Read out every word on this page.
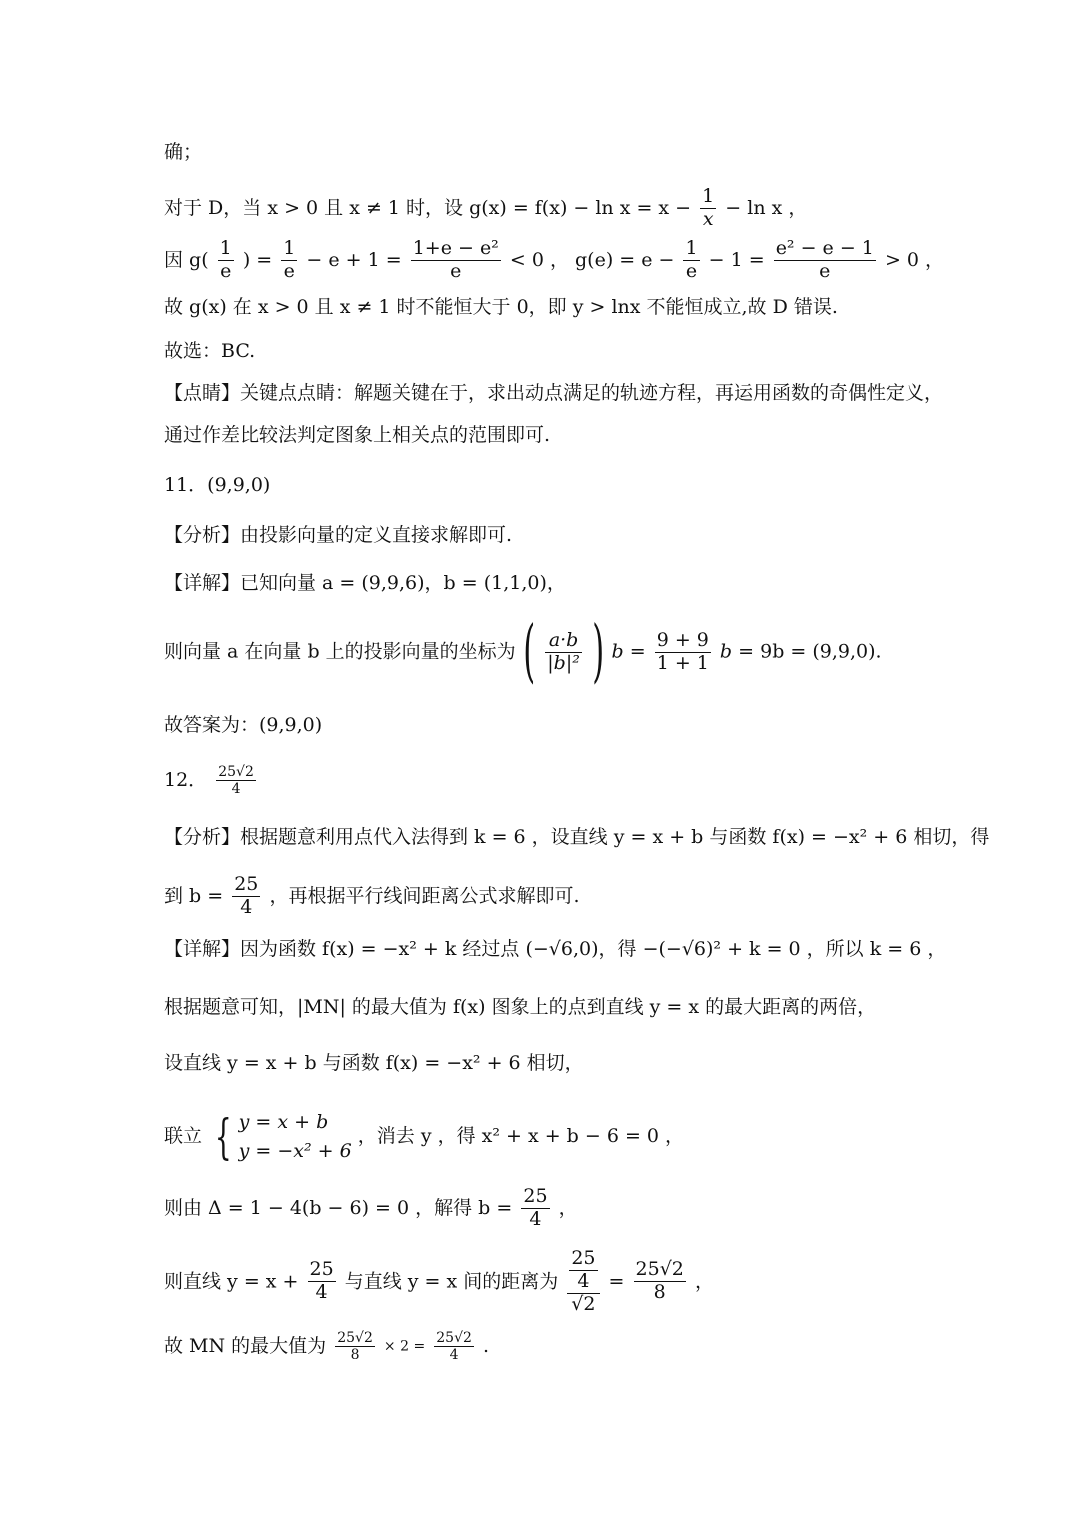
确；
对于 D，当 x > 0 且 x ≠ 1 时，设 $g(x) = f(x) - \ln x = x - \frac{1}{x} - \ln x$ ，
因 $g( \frac{1}{e}$ ) = $\frac{1}{e} - e + 1 = \frac{\text{1+e − e²}}{e} < 0$ ， $g(e) = e - \frac{1}{e} - 1 = \frac{\text{e² − e − 1}}{e} > 0$ ，
故 g(x) 在 x > 0 且 x ≠ 1 时不能恒大于 0，即 y > lnx 不能恒成立,故 D 错误.
故选：BC.
【点睛】关键点点睛：解题关键在于，求出动点满足的轨迹方程，再运用函数的奇偶性定义，
通过作差比较法判定图象上相关点的范围即可.
11．(9,9,0)
【分析】由投影向量的定义直接求解即可.
【详解】已知向量 a = (9,9,6)，b = (1,1,0)，
则向量 a 在向量 b 上的投影向量的坐标为 ( $\frac{a\cdot b}{\text{|b|²}}$ ) $b = \frac{9 + 9}{1 + 1}$ b = 9b = (9,9,0).
故答案为：(9,9,0)
12． $\frac{25√2}{4}$
【分析】根据题意利用点代入法得到 k = 6 ，设直线 y = x + b 与函数 f(x) = −x² + 6 相切，得
到 $b = \frac{25}{4}$ ，再根据平行线间距离公式求解即可.
【详解】因为函数 f(x) = −x² + k 经过点 (−√6,0)，得 −(−√6)² + k = 0 ，所以 k = 6 ，
根据题意可知，|MN| 的最大值为 f(x) 图象上的点到直线 y = x 的最大距离的两倍，
设直线 y = x + b 与函数 f(x) = −x² + 6 相切，
联立 { y = x + b
y = −x² + 6
，消去 y ，得 x² + x + b − 6 = 0 ，
则由 Δ = 1 − 4(b − 6) = 0 ，解得 $b = \frac{25}{4}$ ，
则直线 $y = x + \frac{25}{4}$ 与直线 y = x 间的距离为 $\frac{\frac{25}{4}}{√2} = \frac{25√2}{8}$ ，
故 MN 的最大值为 $\frac{25√2}{8} \times 2 = \frac{25√2}{4}$ .
